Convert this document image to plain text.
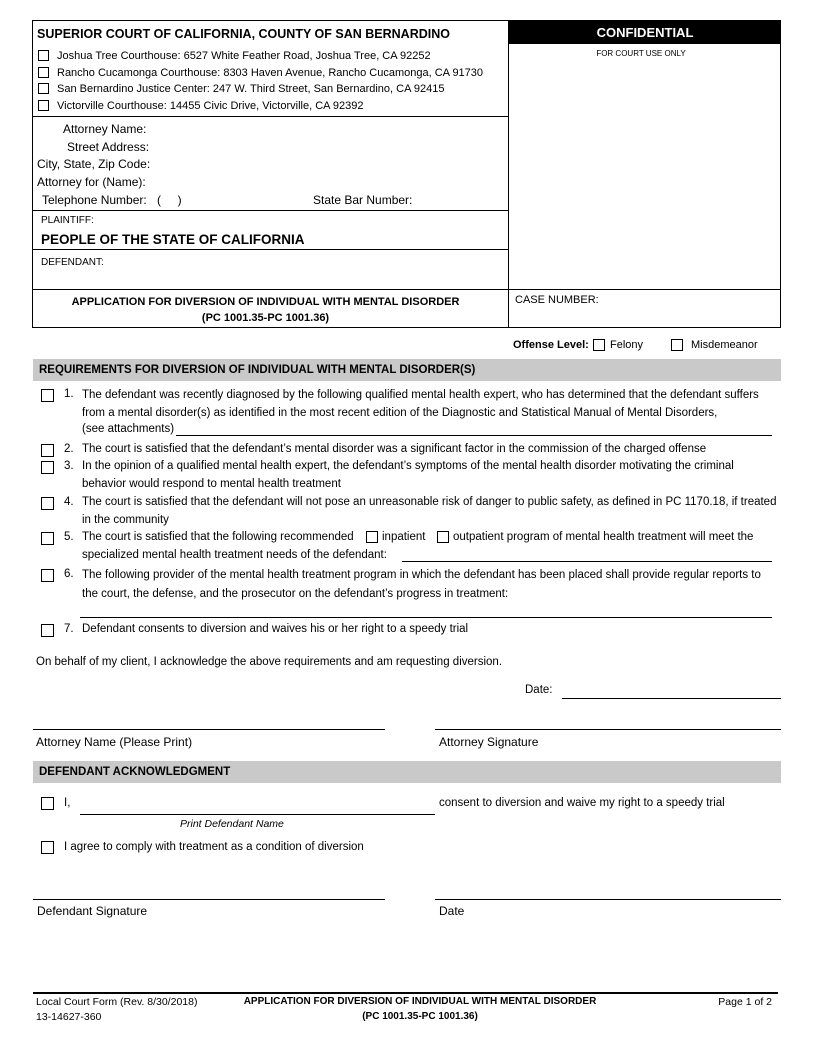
SUPERIOR COURT OF CALIFORNIA, COUNTY OF SAN BERNARDINO
Joshua Tree Courthouse: 6527 White Feather Road, Joshua Tree, CA 92252
Rancho Cucamonga Courthouse: 8303 Haven Avenue, Rancho Cucamonga, CA 91730
San Bernardino Justice Center: 247 W. Third Street, San Bernardino, CA 92415
Victorville Courthouse: 14455 Civic Drive, Victorville, CA 92392
CONFIDENTIAL
FOR COURT USE ONLY
Attorney Name:
Street Address:
City, State, Zip Code:
Attorney for (Name):
Telephone Number: (     )	State Bar Number:
PLAINTIFF:
PEOPLE OF THE STATE OF CALIFORNIA
DEFENDANT:
APPLICATION FOR DIVERSION OF INDIVIDUAL WITH MENTAL DISORDER
(PC 1001.35-PC 1001.36)
CASE NUMBER:
Offense Level: Felony	Misdemeanor
REQUIREMENTS FOR DIVERSION OF INDIVIDUAL WITH MENTAL DISORDER(S)
1. The defendant was recently diagnosed by the following qualified mental health expert, who has determined that the defendant suffers from a mental disorder(s) as identified in the most recent edition of the Diagnostic and Statistical Manual of Mental Disorders,
(see attachments)
2. The court is satisfied that the defendant’s mental disorder was a significant factor in the commission of the charged offense
3. In the opinion of a qualified mental health expert, the defendant’s symptoms of the mental health disorder motivating the criminal behavior would respond to mental health treatment
4. The court is satisfied that the defendant will not pose an unreasonable risk of danger to public safety, as defined in PC 1170.18, if treated in the community
5. The court is satisfied that the following recommended inpatient outpatient program of mental health treatment will meet the
specialized mental health treatment needs of the defendant:
6. The following provider of the mental health treatment program in which the defendant has been placed shall provide regular reports to the court, the defense, and the prosecutor on the defendant’s progress in treatment:
7. Defendant consents to diversion and waives his or her right to a speedy trial
On behalf of my client, I acknowledge the above requirements and am requesting diversion.
Date:
Attorney Name (Please Print)	Attorney Signature
DEFENDANT ACKNOWLEDGMENT
I,	consent to diversion and waive my right to a speedy trial
Print Defendant Name
I agree to comply with treatment as a condition of diversion
Defendant Signature	Date
Local Court Form (Rev. 8/30/2018)
13-14627-360
APPLICATION FOR DIVERSION OF INDIVIDUAL WITH MENTAL DISORDER
(PC 1001.35-PC 1001.36)
Page 1 of 2
